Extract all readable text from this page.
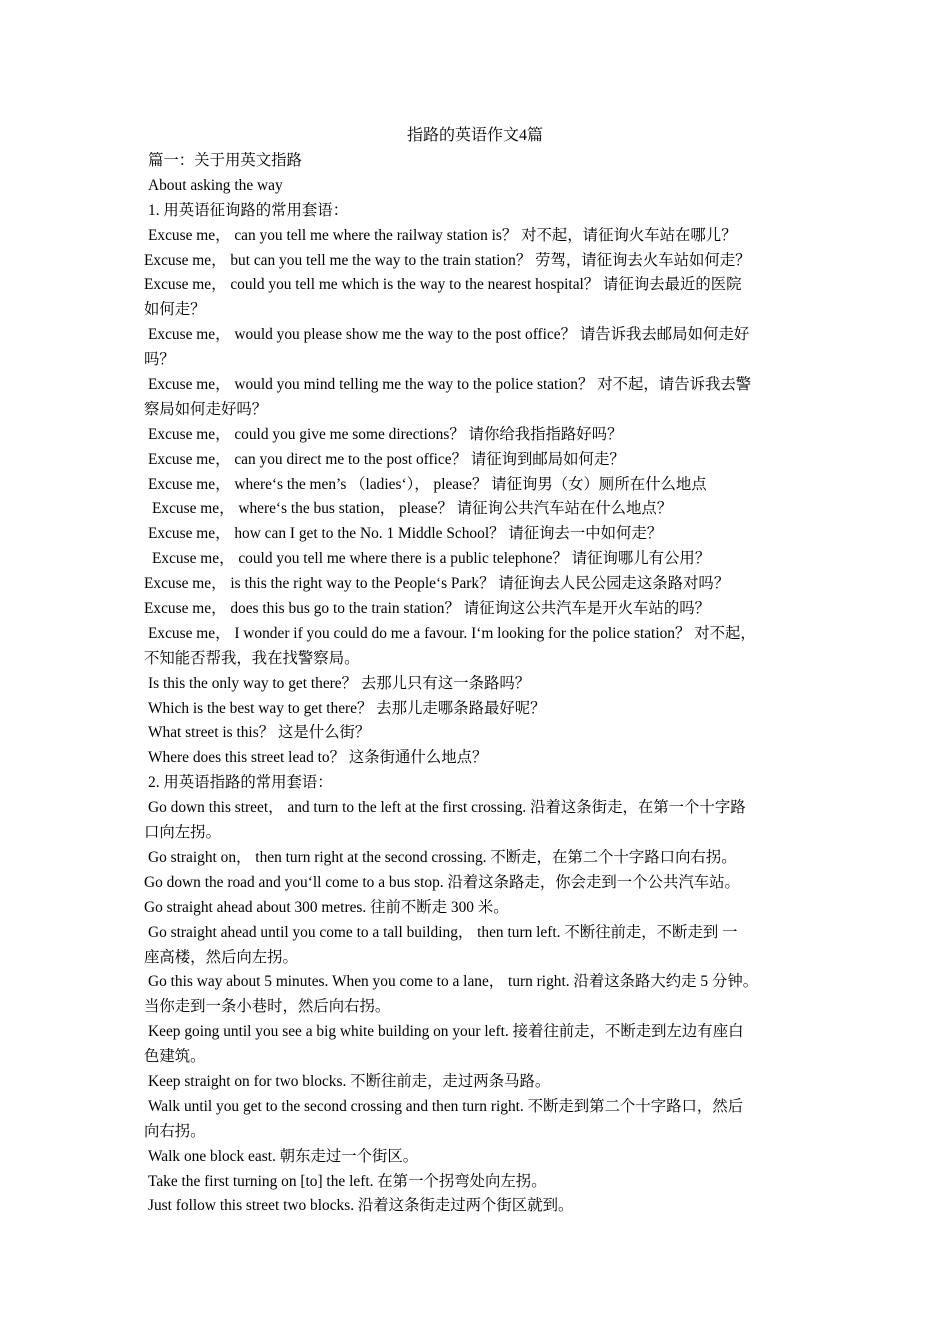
指路的英语作文4篇
篇一：关于用英文指路
About asking the way
1. 用英语征询路的常用套语：
Excuse me， can you tell me where the railway station is？ 对不起，请征询火车站在哪儿？
Excuse me， but can you tell me the way to the train station？ 劳驾，请征询去火车站如何走？
Excuse me， could you tell me which is the way to the nearest hospital？ 请征询去最近的医院
如何走？
Excuse me， would you please show me the way to the post office？ 请告诉我去邮局如何走好
吗？
Excuse me， would you mind telling me the way to the police station？ 对不起，请告诉我去警
察局如何走好吗？
Excuse me， could you give me some directions？ 请你给我指指路好吗？
Excuse me， can you direct me to the post office？ 请征询到邮局如何走？
Excuse me， where‘s the men’s （ladies‘）， please？ 请征询男（女）厕所在什么地点
Excuse me， where‘s the bus station， please？ 请征询公共汽车站在什么地点？
Excuse me， how can I get to the No. 1 Middle School？ 请征询去一中如何走？
Excuse me， could you tell me where there is a public telephone？ 请征询哪儿有公用？
Excuse me， is this the right way to the People‘s Park？ 请征询去人民公园走这条路对吗？
Excuse me， does this bus go to the train station？ 请征询这公共汽车是开火车站的吗？
Excuse me， I wonder if you could do me a favour. I‘m looking for the police station？ 对不起，
不知能否帮我，我在找警察局。
Is this the only way to get there？ 去那儿只有这一条路吗？
Which is the best way to get there？ 去那儿走哪条路最好呢？
What street is this？ 这是什么街？
Where does this street lead to？ 这条街通什么地点？
2. 用英语指路的常用套语：
Go down this street， and turn to the left at the first crossing. 沿着这条街走，在第一个十字路
口向左拐。
Go straight on， then turn right at the second crossing. 不断走，在第二个十字路口向右拐。
Go down the road and you‘ll come to a bus stop. 沿着这条路走，你会走到一个公共汽车站。
Go straight ahead about 300 metres. 往前不断走 300 米。
Go straight ahead until you come to a tall building， then turn left. 不断往前走，不断走到 一
座高楼，然后向左拐。
Go this way about 5 minutes. When you come to a lane， turn right. 沿着这条路大约走 5 分钟。
当你走到一条小巷时，然后向右拐。
Keep going until you see a big white building on your left. 接着往前走，不断走到左边有座白
色建筑。
Keep straight on for two blocks. 不断往前走，走过两条马路。
Walk until you get to the second crossing and then turn right. 不断走到第二个十字路口，然后
向右拐。
Walk one block east. 朝东走过一个街区。
Take the first turning on [to] the left. 在第一个拐弯处向左拐。
Just follow this street two blocks. 沿着这条街走过两个街区就到。
